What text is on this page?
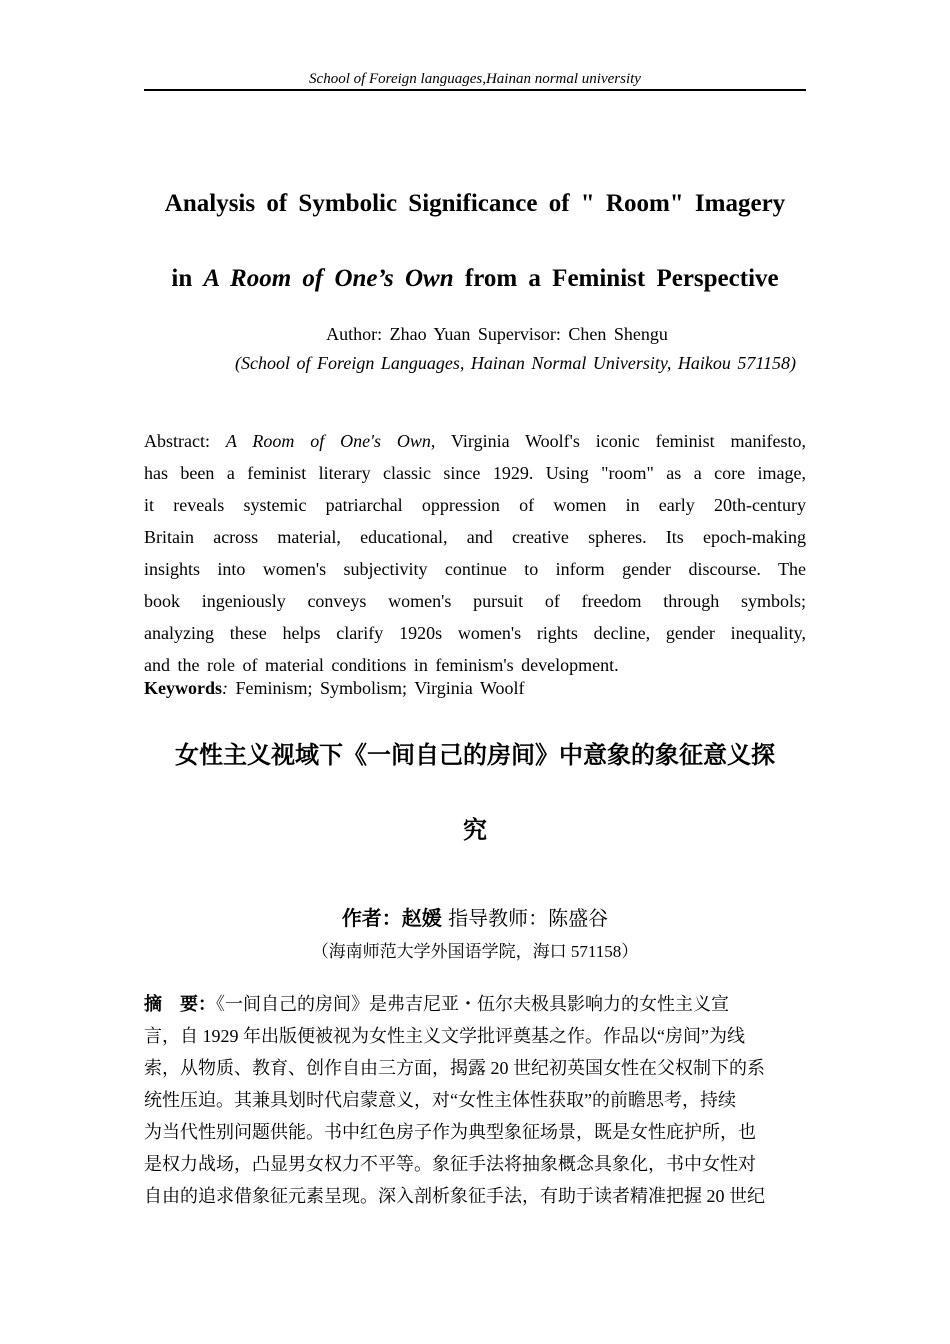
School of Foreign languages,Hainan normal university
Analysis of Symbolic Significance of " Room" Imagery
in A Room of One’s Own from a Feminist Perspective
Author: Zhao Yuan Supervisor: Chen Shengu
(School of Foreign Languages, Hainan Normal University, Haikou 571158)
Abstract: A Room of One's Own, Virginia Woolf's iconic feminist manifesto,
has been a feminist literary classic since 1929. Using "room" as a core image,
it reveals systemic patriarchal oppression of women in early 20th-century
Britain across material, educational, and creative spheres. Its epoch-making
insights into women's subjectivity continue to inform gender discourse. The
book ingeniously conveys women's pursuit of freedom through symbols;
analyzing these helps clarify 1920s women's rights decline, gender inequality,
and the role of material conditions in feminism's development.
Keywords: Feminism; Symbolism; Virginia Woolf
女性主义视域下《一间自己的房间》中意象的象征意义探
究
作者：赵媛 指导教师：陈盛谷
（海南师范大学外国语学院，海口 571158）
摘　要：《一间自己的房间》是弗吉尼亚・伍尔夫极具影响力的女性主义宣
言，自 1929 年出版便被视为女性主义文学批评奠基之作。作品以“房间”为线
索，从物质、教育、创作自由三方面，揭露 20 世纪初英国女性在父权制下的系
统性压迫。其兼具划时代启蒙意义，对“女性主体性获取”的前瞻思考，持续
为当代性别问题供能。书中红色房子作为典型象征场景，既是女性庇护所，也
是权力战场，凸显男女权力不平等。象征手法将抽象概念具象化，书中女性对
自由的追求借象征元素呈现。深入剖析象征手法，有助于读者精准把握 20 世纪
